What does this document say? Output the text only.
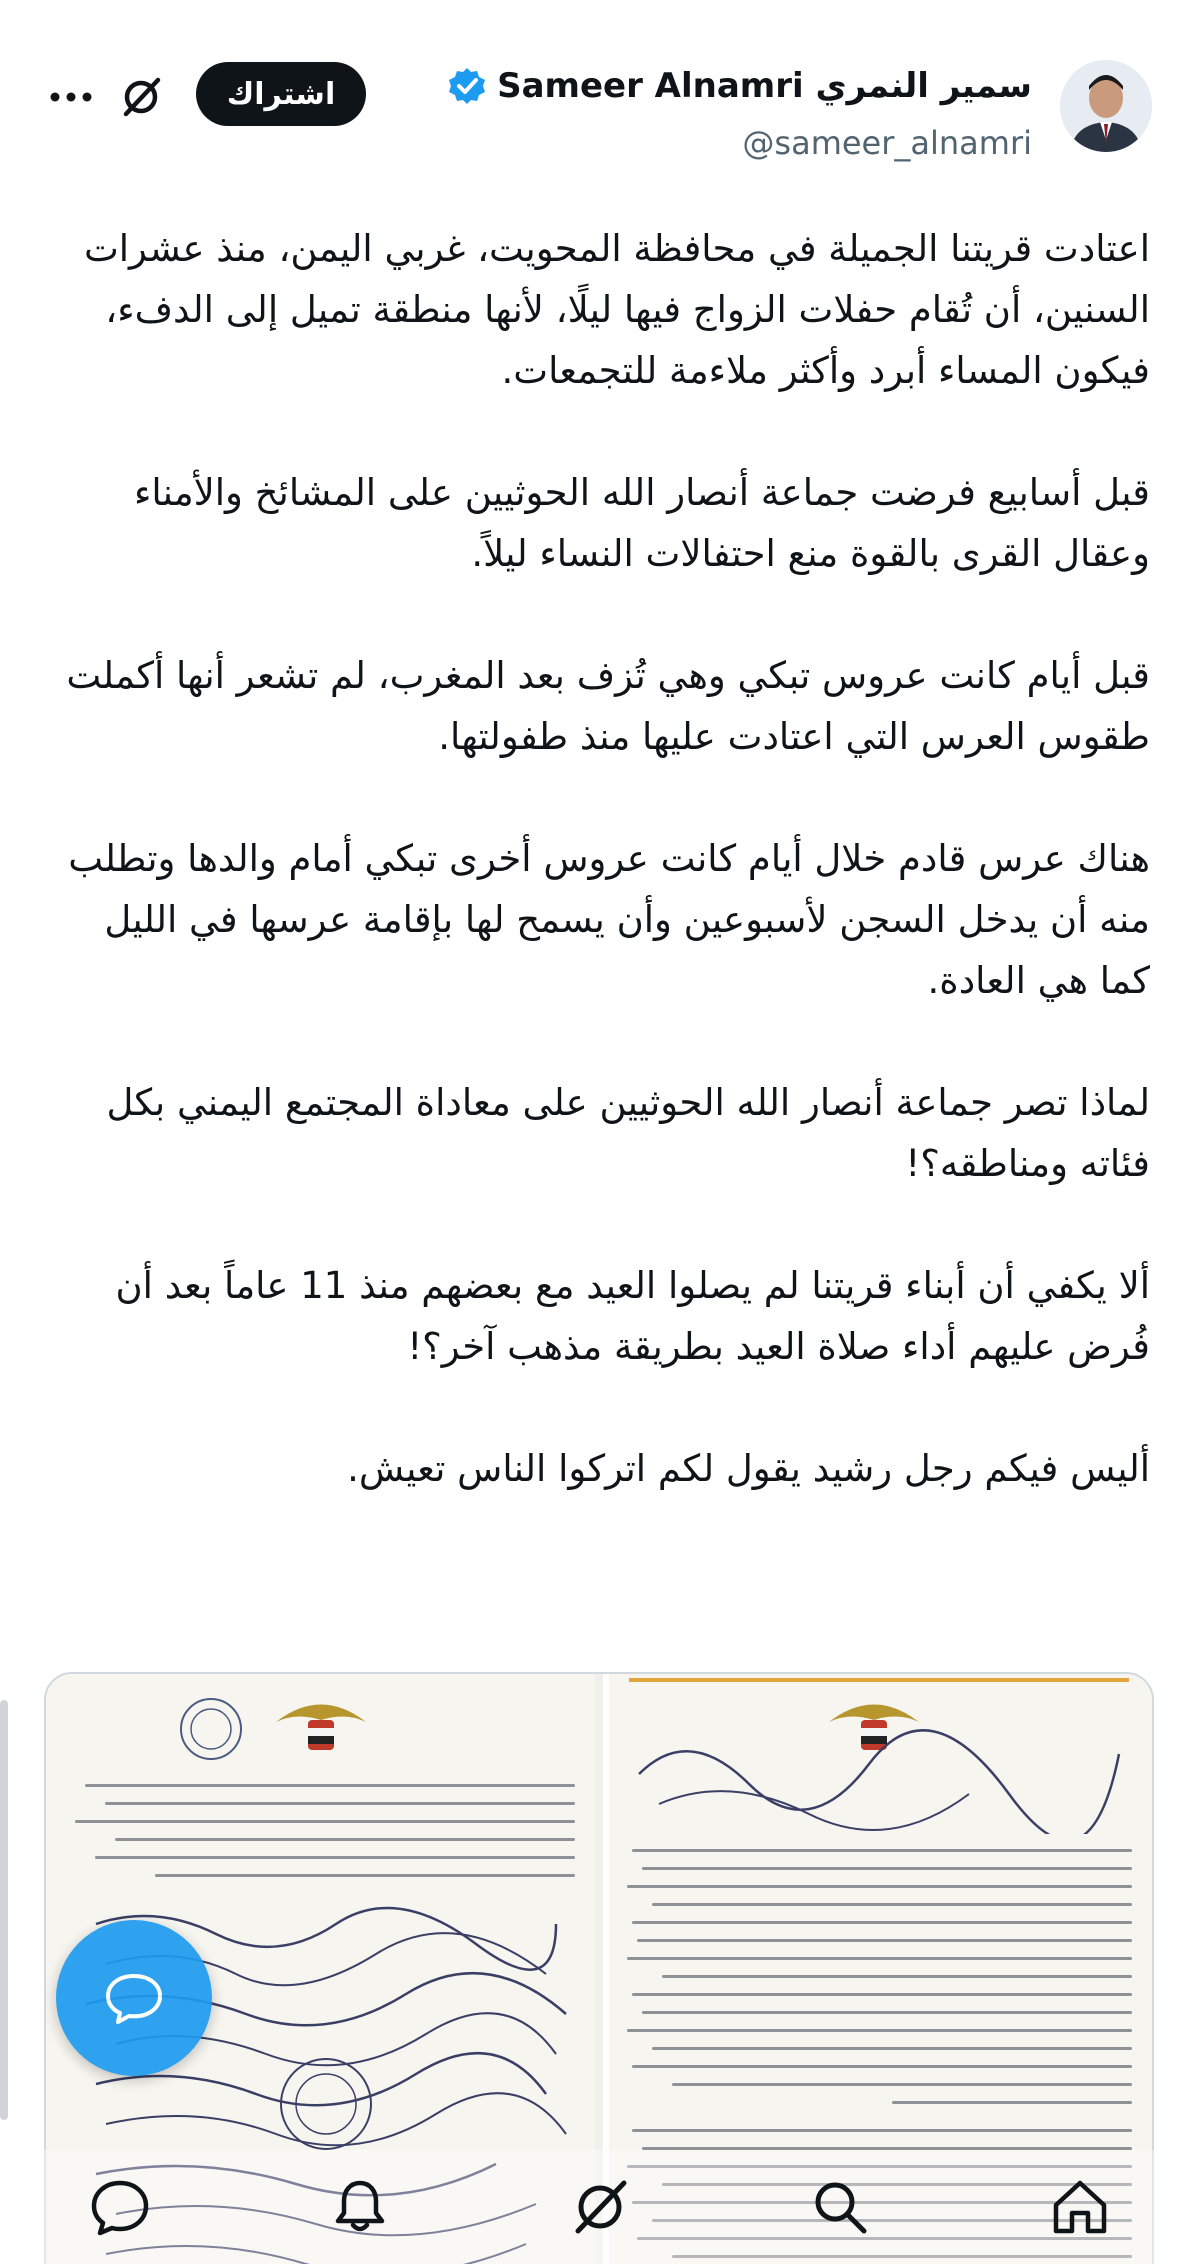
Sameer Alnamri سمير النمري
@sameer_alnamri
اشتراك

اعتادت قريتنا الجميلة في محافظة المحويت، غربي اليمن، منذ عشرات السنين، أن تُقام حفلات الزواج فيها ليلًا، لأنها منطقة تميل إلى الدفء، فيكون المساء أبرد وأكثر ملاءمة للتجمعات.

قبل أسابيع فرضت جماعة أنصار الله الحوثيين على المشائخ والأمناء وعقال القرى بالقوة منع احتفالات النساء ليلاً.

قبل أيام كانت عروس تبكي وهي تُزف بعد المغرب، لم تشعر أنها أكملت طقوس العرس التي اعتادت عليها منذ طفولتها.

هناك عرس قادم خلال أيام كانت عروس أخرى تبكي أمام والدها وتطلب منه أن يدخل السجن لأسبوعين وأن يسمح لها بإقامة عرسها في الليل كما هي العادة.

لماذا تصر جماعة أنصار الله الحوثيين على معاداة المجتمع اليمني بكل فئاته ومناطقه؟!

ألا يكفي أن أبناء قريتنا لم يصلوا العيد مع بعضهم منذ 11 عاماً بعد أن فُرض عليهم أداء صلاة العيد بطريقة مذهب آخر؟!

أليس فيكم رجل رشيد يقول لكم اتركوا الناس تعيش.
